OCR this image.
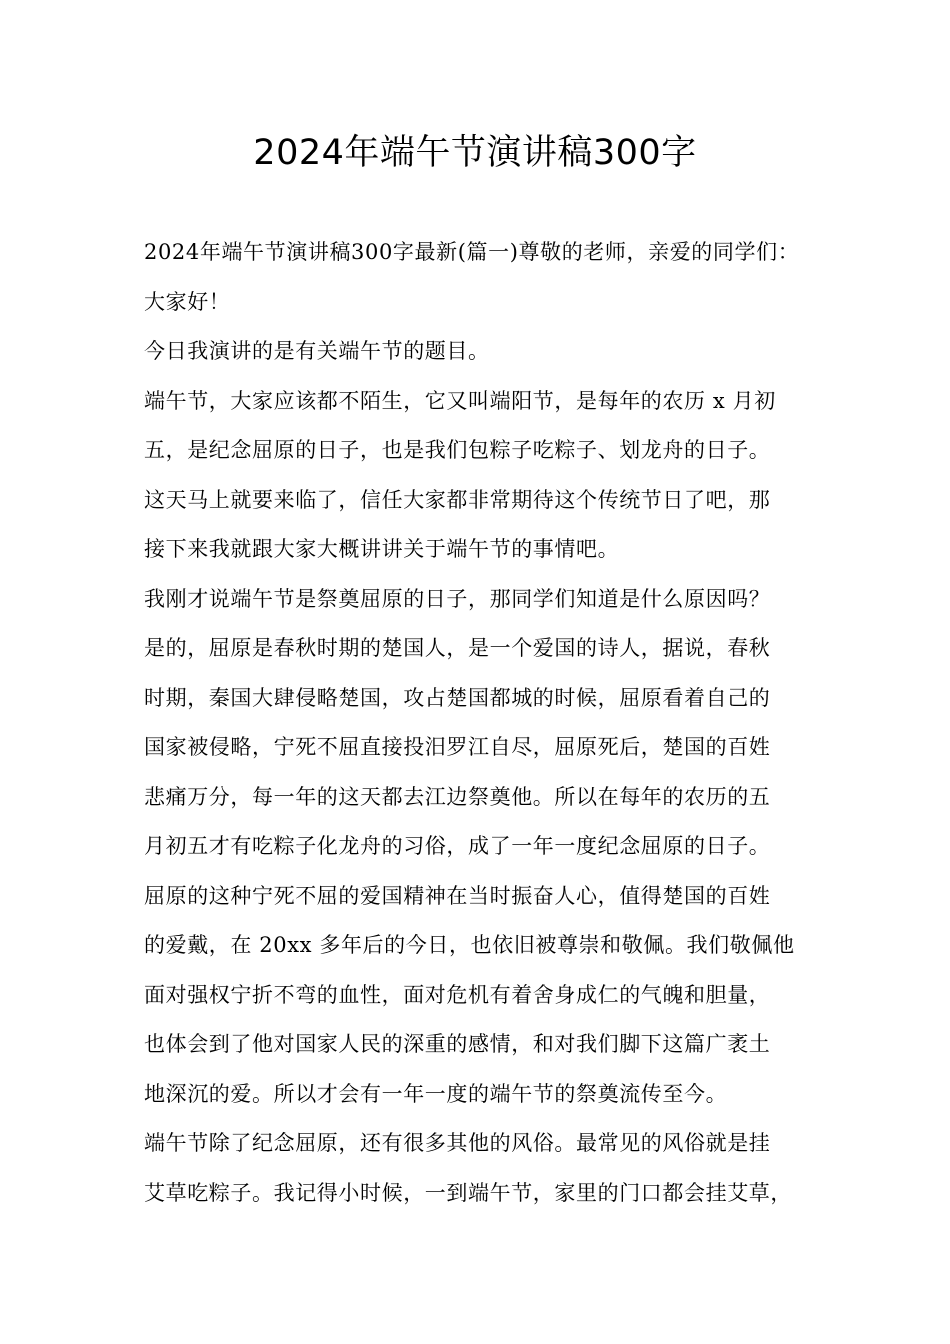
2024年端午节演讲稿300字
2024年端午节演讲稿300字最新(篇一)尊敬的老师，亲爱的同学们：
大家好！
今日我演讲的是有关端午节的题目。
端午节，大家应该都不陌生，它又叫端阳节，是每年的农历 x 月初
五，是纪念屈原的日子，也是我们包粽子吃粽子、划龙舟的日子。
这天马上就要来临了，信任大家都非常期待这个传统节日了吧，那
接下来我就跟大家大概讲讲关于端午节的事情吧。
我刚才说端午节是祭奠屈原的日子，那同学们知道是什么原因吗？
是的，屈原是春秋时期的楚国人，是一个爱国的诗人，据说，春秋
时期，秦国大肆侵略楚国，攻占楚国都城的时候，屈原看着自己的
国家被侵略，宁死不屈直接投汨罗江自尽，屈原死后，楚国的百姓
悲痛万分，每一年的这天都去江边祭奠他。所以在每年的农历的五
月初五才有吃粽子化龙舟的习俗，成了一年一度纪念屈原的日子。
屈原的这种宁死不屈的爱国精神在当时振奋人心，值得楚国的百姓
的爱戴，在 20xx 多年后的今日，也依旧被尊崇和敬佩。我们敬佩他
面对强权宁折不弯的血性，面对危机有着舍身成仁的气魄和胆量，
也体会到了他对国家人民的深重的感情，和对我们脚下这篇广袤土
地深沉的爱。所以才会有一年一度的端午节的祭奠流传至今。
端午节除了纪念屈原，还有很多其他的风俗。最常见的风俗就是挂
艾草吃粽子。我记得小时候，一到端午节，家里的门口都会挂艾草，
